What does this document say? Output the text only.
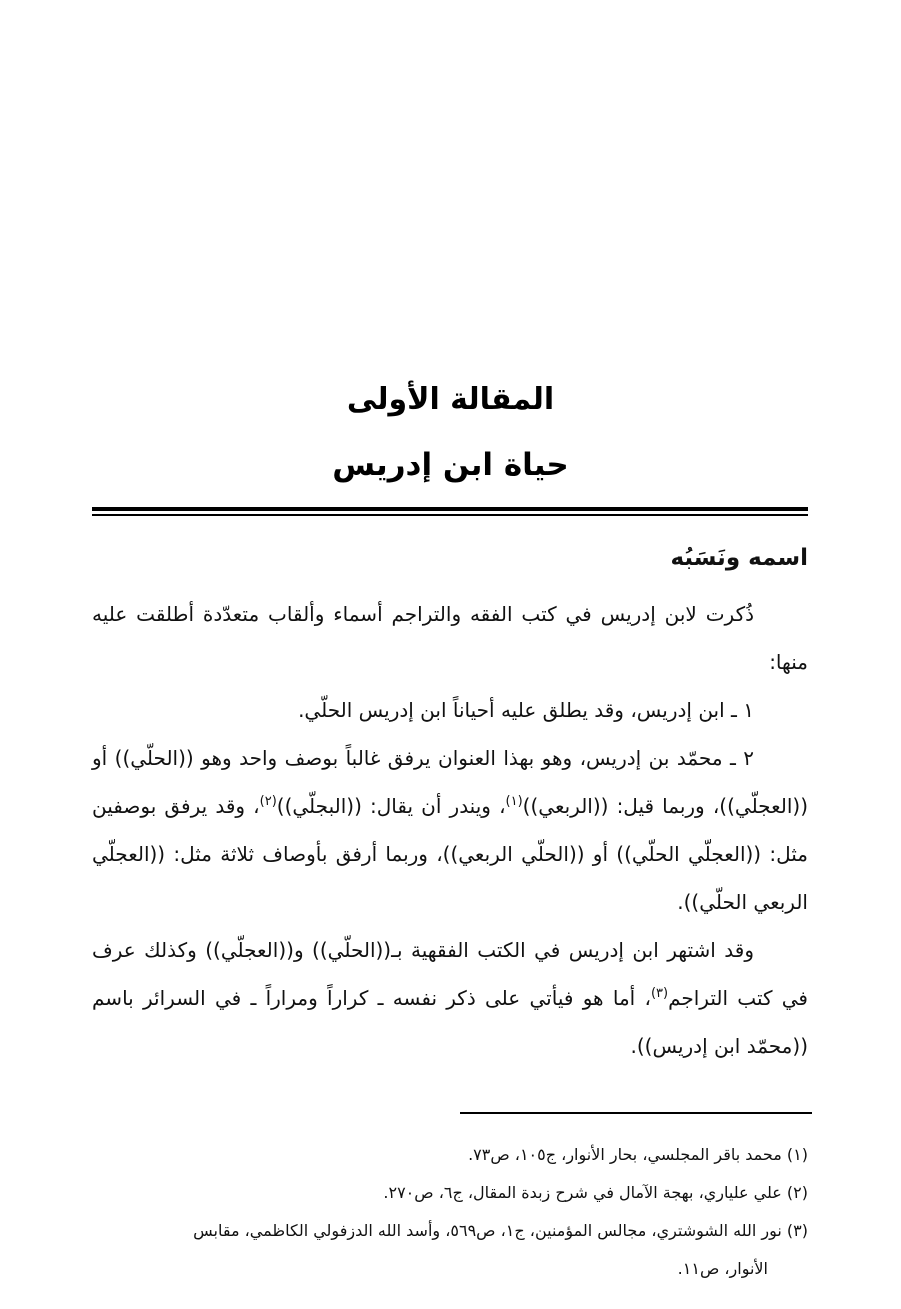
المقالة الأولى
حياة ابن إدريس
اسمه ونَسَبُه

ذُكرت لابن إدريس في كتب الفقه والتراجم أسماء وألقاب متعدّدة أطلقت عليه منها:

١ ـ ابن إدريس، وقد يطلق عليه أحياناً ابن إدريس الحلّي.

٢ ـ محمّد بن إدريس، وهو بهذا العنوان يرفق غالباً بوصف واحد وهو ((الحلّي)) أو ((العجلّي))، وربما قيل: ((الربعي))$^{(١)}$، ويندر أن يقال: ((البجلّي))$^{(٢)}$، وقد يرفق بوصفين مثل: ((العجلّي الحلّي)) أو ((الحلّي الربعي))، وربما أرفق بأوصاف ثلاثة مثل: ((العجلّي الربعي الحلّي)).

وقد اشتهر ابن إدريس في الكتب الفقهية بـ((الحلّي)) و((العجلّي)) وكذلك عرف في كتب التراجم$^{(٣)}$، أما هو فيأتي على ذكر نفسه ـ كراراً ومراراً ـ في السرائر باسم ((محمّد ابن إدريس)).

(١) محمد باقر المجلسي، بحار الأنوار، ج١٠٥، ص٧٣.

(٢) علي علياري، بهجة الآمال في شرح زبدة المقال، ج٦، ص٢٧٠.

(٣) نور الله الشوشتري، مجالس المؤمنين، ج١، ص٥٦٩، وأسد الله الدزفولي الكاظمي، مقابس

الأنوار، ص١١.
